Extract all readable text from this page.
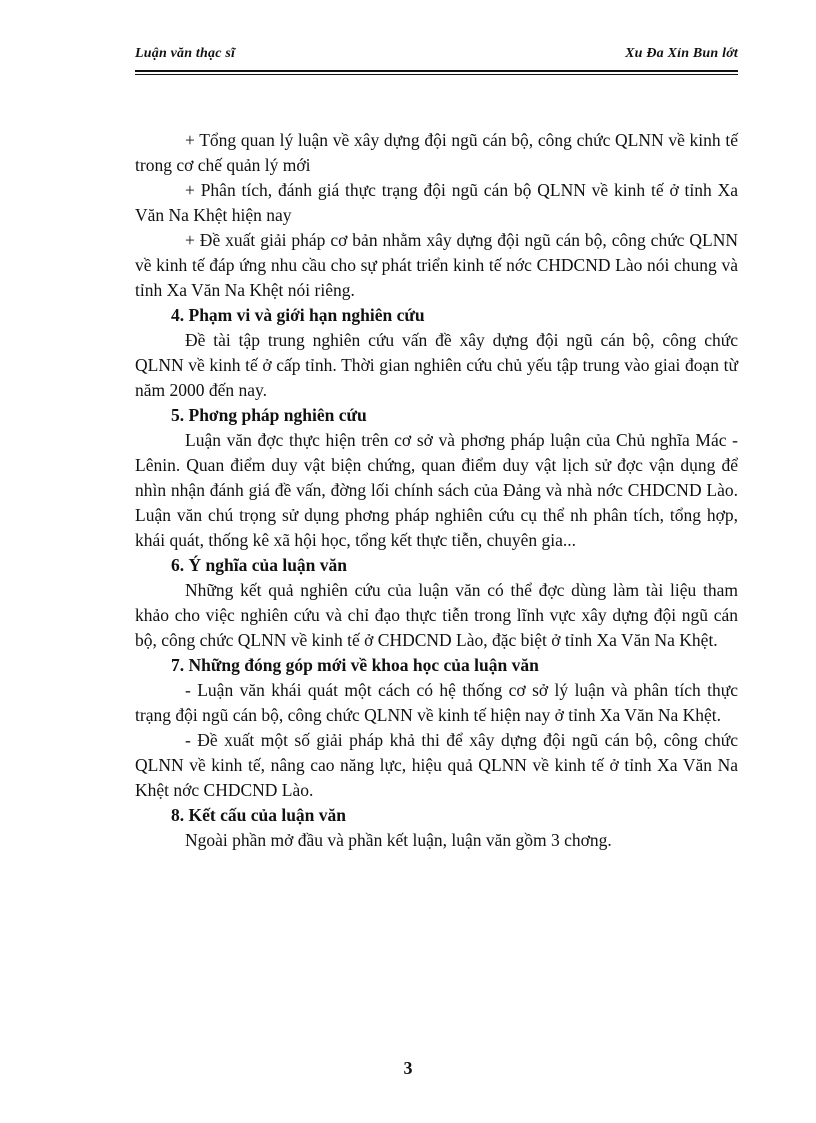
Luận văn thạc sĩ	Xu Đa Xỉn Bun lớt

+ Tổng quan lý luận về xây dựng đội ngũ cán bộ, công chức QLNN về kinh tế trong cơ chế quản lý mới

+ Phân tích, đánh giá thực trạng đội ngũ cán bộ QLNN về kinh tế ở tỉnh Xa Văn Na Khệt hiện nay

+ Đề xuất giải pháp cơ bản nhằm xây dựng đội ngũ cán bộ, công chức QLNN về kinh tế đáp ứng nhu cầu cho sự phát triển kinh tế nớc CHDCND Lào nói chung và tỉnh Xa Văn Na Khệt nói riêng.

4. Phạm vi và giới hạn nghiên cứu

Đề tài tập trung nghiên cứu vấn đề xây dựng đội ngũ cán bộ, công chức QLNN về kinh tế ở cấp tỉnh. Thời gian nghiên cứu chủ yếu tập trung vào giai đoạn từ năm 2000 đến nay.

5. Phơng pháp nghiên cứu

Luận văn đợc thực hiện trên cơ sở và phơng pháp luận của Chủ nghĩa Mác - Lênin. Quan điểm duy vật biện chứng, quan điểm duy vật lịch sử đợc vận dụng để nhìn nhận đánh giá đề vấn, đờng lối chính sách của Đảng và nhà nớc CHDCND Lào. Luận văn chú trọng sử dụng phơng pháp nghiên cứu cụ thể nh phân tích, tổng hợp, khái quát, thống kê xã hội học, tổng kết thực tiễn, chuyên gia...

6. Ý nghĩa của luận văn

Những kết quả nghiên cứu của luận văn có thể đợc dùng làm tài liệu tham khảo cho việc nghiên cứu và chỉ đạo thực tiễn trong lĩnh vực xây dựng đội ngũ cán bộ, công chức QLNN về kinh tế ở CHDCND Lào, đặc biệt ở tỉnh Xa Văn Na Khệt.

7. Những đóng góp mới về khoa học của luận văn

- Luận văn khái quát một cách có hệ thống cơ sở lý luận và phân tích thực trạng đội ngũ cán bộ, công chức QLNN về kinh tế hiện nay ở tỉnh Xa Văn Na Khệt.

- Đề xuất một số giải pháp khả thi để xây dựng đội ngũ cán bộ, công chức QLNN về kinh tế, nâng cao năng lực, hiệu quả QLNN về kinh tế ở tỉnh Xa Văn Na Khệt nớc CHDCND Lào.

8. Kết cấu của luận văn

Ngoài phần mở đầu và phần kết luận, luận văn gồm 3 chơng.

3
